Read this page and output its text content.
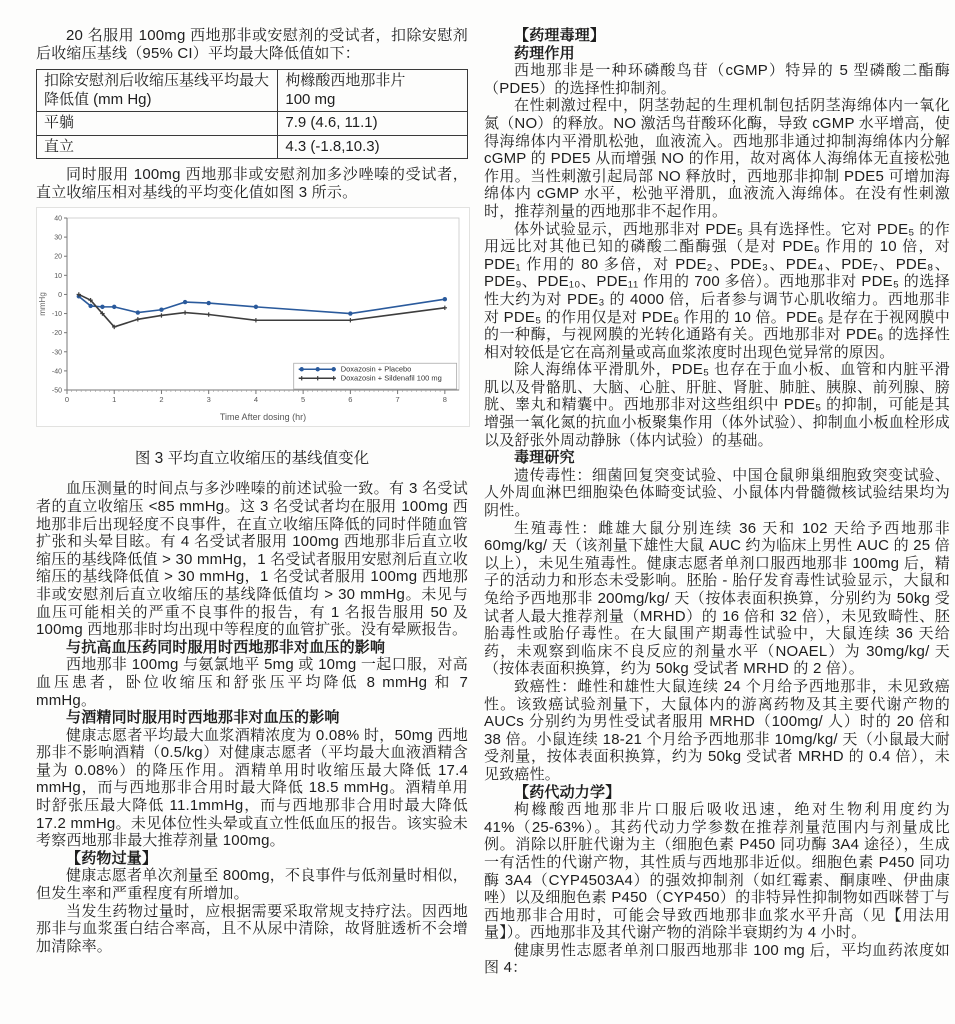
20 名服用 100mg 西地那非或安慰剂的受试者，扣除安慰剂后收缩压基线（95% CI）平均最大降低值如下：

扣除安慰剂后收缩压基线平均最大降低值 (mm Hg)	枸橼酸西地那非片
100 mg

平躺	7.9 (4.6, 11.1)
直立	4.3 (-1.8,10.3)

同时服用 100mg 西地那非或安慰剂加多沙唑嗪的受试者，直立收缩压相对基线的平均变化值如图 3 所示。

40
30
20
10
0
-10
-20
-30
-40
-50
0	1	2	3	4	5	6	7	8
Time After dosing (hr)
mmHg
Doxazosin + Placebo
Doxazosin + Sildenafil 100 mg
图 3 平均直立收缩压的基线值变化

血压测量的时间点与多沙唑嗪的前述试验一致。有 3 名受试者的直立收缩压 <85 mmHg。这 3 名受试者均在服用 100mg 西地那非后出现轻度不良事件，在直立收缩压降低的同时伴随血管扩张和头晕目眩。有 4 名受试者服用 100mg 西地那非后直立收缩压的基线降低值 > 30 mmHg，1 名受试者服用安慰剂后直立收缩压的基线降低值 > 30 mmHg，1 名受试者服用 100mg 西地那非或安慰剂后直立收缩压的基线降低值均 > 30 mmHg。未见与血压可能相关的严重不良事件的报告，有 1 名报告服用 50 及 100mg 西地那非时均出现中等程度的血管扩张。没有晕厥报告。

与抗高血压药同时服用时西地那非对血压的影响

西地那非 100mg 与氨氯地平 5mg 或 10mg 一起口服，对高血压患者，卧位收缩压和舒张压平均降低 8 mmHg 和 7 mmHg。

与酒精同时服用时西地那非对血压的影响

健康志愿者平均最大血浆酒精浓度为 0.08% 时，50mg 西地那非不影响酒精（0.5/kg）对健康志愿者（平均最大血液酒精含量为 0.08%）的降压作用。酒精单用时收缩压最大降低 17.4 mmHg，而与西地那非合用时最大降低 18.5 mmHg。酒精单用时舒张压最大降低 11.1mmHg，而与西地那非合用时最大降低 17.2 mmHg。未见体位性头晕或直立性低血压的报告。该实验未考察西地那非最大推荐剂量 100mg。

【药物过量】

健康志愿者单次剂量至 800mg，不良事件与低剂量时相似，但发生率和严重程度有所增加。

当发生药物过量时，应根据需要采取常规支持疗法。因西地那非与血浆蛋白结合率高，且不从尿中清除，故肾脏透析不会增加清除率。

【药理毒理】

药理作用

西地那非是一种环磷酸鸟苷（cGMP）特异的 5 型磷酸二酯酶（PDE5）的选择性抑制剂。

在性刺激过程中，阴茎勃起的生理机制包括阴茎海绵体内一氧化氮（NO）的释放。NO 激活鸟苷酸环化酶，导致 cGMP 水平增高，使得海绵体内平滑肌松弛，血液流入。西地那非通过抑制海绵体内分解 cGMP 的 PDE5 从而增强 NO 的作用，故对离体人海绵体无直接松弛作用。当性刺激引起局部 NO 释放时，西地那非抑制 PDE5 可增加海绵体内 cGMP 水平，松弛平滑肌，血液流入海绵体。在没有性刺激时，推荐剂量的西地那非不起作用。

体外试验显示，西地那非对 PDE₅ 具有选择性。它对 PDE₅ 的作用远比对其他已知的磷酸二酯酶强（是对 PDE₆ 作用的 10 倍，对 PDE₁ 作用的 80 多倍，对 PDE₂、PDE₃、PDE₄、PDE₇、PDE₈、PDE₉、PDE₁₀、PDE₁₁ 作用的 700 多倍）。西地那非对 PDE₅ 的选择性大约为对 PDE₃ 的 4000 倍，后者参与调节心肌收缩力。西地那非对 PDE₅ 的作用仅是对 PDE₆ 作用的 10 倍。PDE₆ 是存在于视网膜中的一种酶，与视网膜的光转化通路有关。西地那非对 PDE₆ 的选择性相对较低是它在高剂量或高血浆浓度时出现色觉异常的原因。

除人海绵体平滑肌外，PDE₅ 也存在于血小板、血管和内脏平滑肌以及骨骼肌、大脑、心脏、肝脏、肾脏、肺脏、胰腺、前列腺、膀胱、睾丸和精囊中。西地那非对这些组织中 PDE₅ 的抑制，可能是其增强一氧化氮的抗血小板聚集作用（体外试验）、抑制血小板血栓形成以及舒张外周动静脉（体内试验）的基础。

毒理研究

遗传毒性：细菌回复突变试验、中国仓鼠卵巢细胞致突变试验、人外周血淋巴细胞染色体畸变试验、小鼠体内骨髓微核试验结果均为阴性。

生殖毒性：雌雄大鼠分别连续 36 天和 102 天给予西地那非 60mg/kg/ 天（该剂量下雄性大鼠 AUC 约为临床上男性 AUC 的 25 倍以上），未见生殖毒性。健康志愿者单剂口服西地那非 100mg 后，精子的活动力和形态未受影响。胚胎 - 胎仔发育毒性试验显示，大鼠和兔给予西地那非 200mg/kg/ 天（按体表面积换算，分别约为 50kg 受试者人最大推荐剂量（MRHD）的 16 倍和 32 倍），未见致畸性、胚胎毒性或胎仔毒性。在大鼠围产期毒性试验中，大鼠连续 36 天给药，未观察到临床不良反应的剂量水平（NOAEL）为 30mg/kg/ 天（按体表面积换算，约为 50kg 受试者 MRHD 的 2 倍）。

致癌性：雌性和雄性大鼠连续 24 个月给予西地那非，未见致癌性。该致癌试验剂量下，大鼠体内的游离药物及其主要代谢产物的 AUCs 分别约为男性受试者服用 MRHD（100mg/ 人）时的 20 倍和 38 倍。小鼠连续 18-21 个月给予西地那非 10mg/kg/ 天（小鼠最大耐受剂量，按体表面积换算，约为 50kg 受试者 MRHD 的 0.4 倍），未见致癌性。

【药代动力学】

枸橼酸西地那非片口服后吸收迅速，绝对生物利用度约为 41%（25-63%）。其药代动力学参数在推荐剂量范围内与剂量成比例。消除以肝脏代谢为主（细胞色素 P450 同功酶 3A4 途径），生成一有活性的代谢产物，其性质与西地那非近似。细胞色素 P450 同功酶 3A4（CYP4503A4）的强效抑制剂（如红霉素、酮康唑、伊曲康唑）以及细胞色素 P450（CYP450）的非特异性抑制物如西咪替丁与西地那非合用时，可能会导致西地那非血浆水平升高（见【用法用量】）。西地那非及其代谢产物的消除半衰期约为 4 小时。

健康男性志愿者单剂口服西地那非 100 mg 后，平均血药浓度如图 4：
